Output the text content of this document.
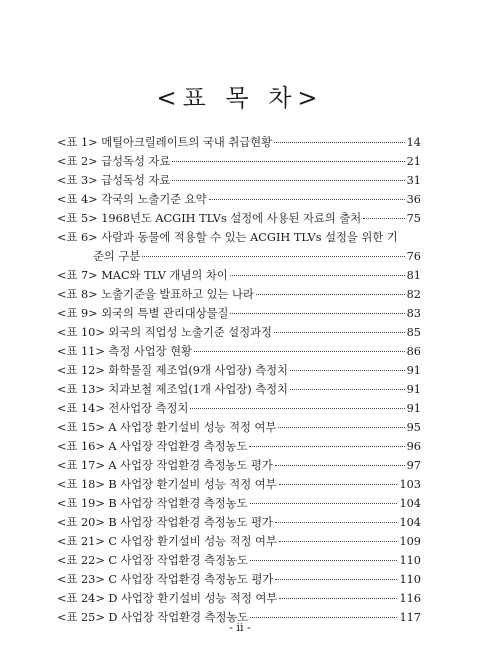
<표 목 차>
<표 1> 메틸아크릴레이트의 국내 취급현황	14
<표 2> 급성독성 자료	21
<표 3> 급성독성 자료	31
<표 4> 각국의 노출기준 요약	36
<표 5> 1968년도 ACGIH TLVs 설정에 사용된 자료의 출처	75
<표 6> 사람과 동물에 적용할 수 있는 ACGIH TLVs 설정을 위한 기
준의 구분	76
<표 7> MAC와 TLV 개념의 차이	81
<표 8> 노출기준을 발표하고 있는 나라	82
<표 9> 외국의 특별 관리대상물질	83
<표 10> 외국의 직업성 노출기준 설정과정	85
<표 11> 측정 사업장 현황	86
<표 12> 화학물질 제조업(9개 사업장) 측정치	91
<표 13> 치과보철 제조업(1개 사업장) 측정치	91
<표 14> 전사업장 측정치	91
<표 15> A 사업장 환기설비 성능 적정 여부	95
<표 16> A 사업장 작업환경 측정농도	96
<표 17> A 사업장 작업환경 측정농도 평가	97
<표 18> B 사업장 환기설비 성능 적정 여부	103
<표 19> B 사업장 작업환경 측정농도	104
<표 20> B 사업장 작업환경 측정농도 평가	104
<표 21> C 사업장 환기설비 성능 적정 여부	109
<표 22> C 사업장 작업환경 측정농도	110
<표 23> C 사업장 작업환경 측정농도 평가	110
<표 24> D 사업장 환기설비 성능 적정 여부	116
<표 25> D 사업장 작업환경 측정농도	117
- ii -
